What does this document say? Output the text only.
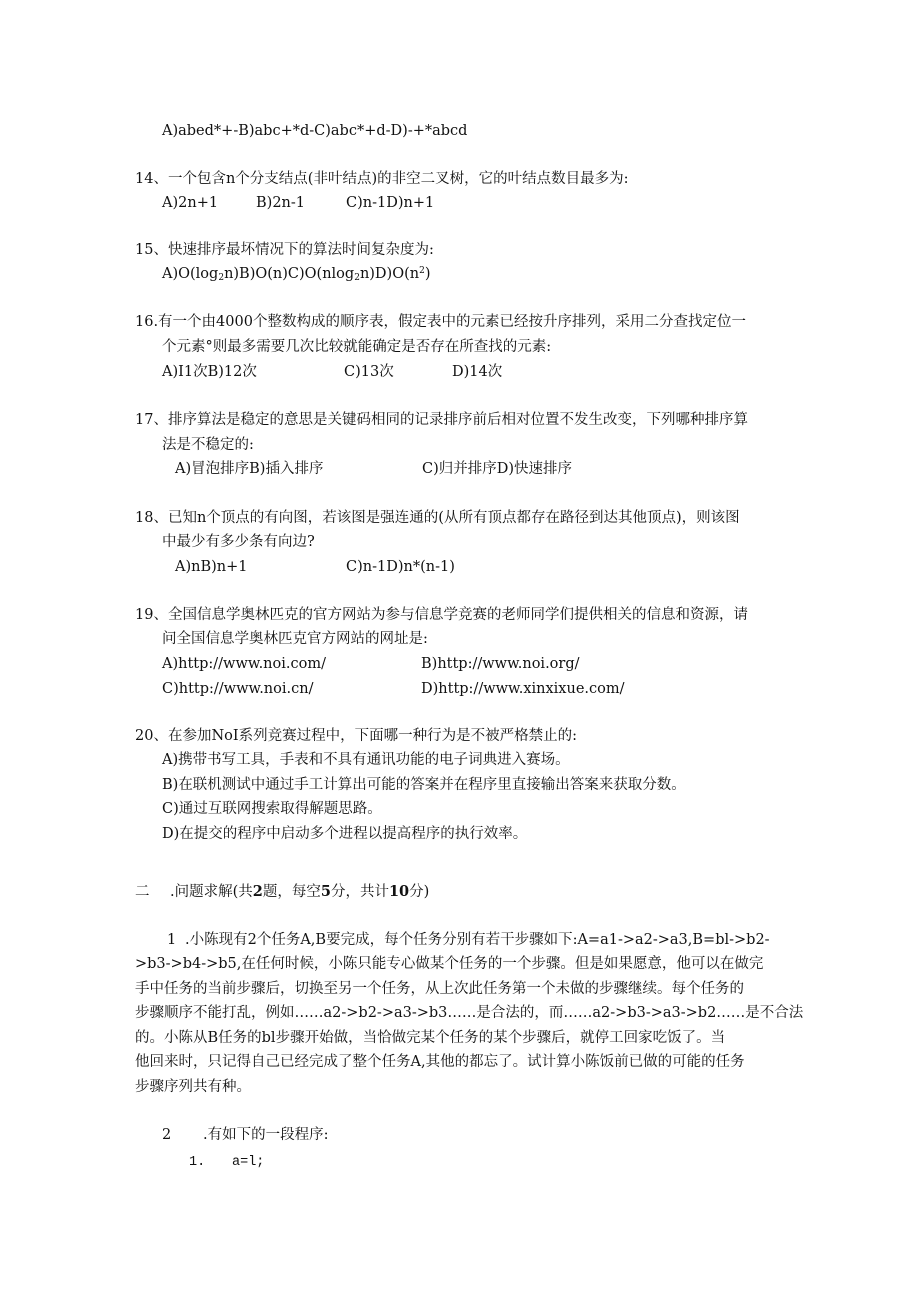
A)abed*+-B)abc+*d-C)abc*+d-D)-+*abcd
14、一个包含n个分支结点(非叶结点)的非空二叉树，它的叶结点数目最多为:
A)2n+1	B)2n-1	C)n-1D)n+1
15、快速排序最坏情况下的算法时间复杂度为:
$A)O(\log_2n)B)O(n)C)O(nlog_2n)D)O(n^2)$
16.有一个由4000个整数构成的顺序表，假定表中的元素已经按升序排列，采用二分查找定位一
个元素°则最多需要几次比较就能确定是否存在所查找的元素:
A)I1次B)12次	C)13次	D)14次
17、排序算法是稳定的意思是关键码相同的记录排序前后相对位置不发生改变，下列哪种排序算
法是不稳定的:
A)冒泡排序B)插入排序	C)归并排序D)快速排序
18、已知n个顶点的有向图，若该图是强连通的(从所有顶点都存在路径到达其他顶点)，则该图
中最少有多少条有向边?
A)nB)n+1	C)n-1D)n*(n-1)
19、全国信息学奥林匹克的官方网站为参与信息学竞赛的老师同学们提供相关的信息和资源，请
问全国信息学奥林匹克官方网站的网址是:
A)http://www.noi.com/	B)http://www.noi.org/
C)http://www.noi.cn/	D)http://www.xinxixue.com/
20、在参加NoI系列竞赛过程中，下面哪一种行为是不被严格禁止的:
A)携带书写工具，手表和不具有通讯功能的电子词典进入赛场。
B)在联机测试中通过手工计算出可能的答案并在程序里直接输出答案来获取分数。
C)通过互联网搜索取得解题思路。
D)在提交的程序中启动多个进程以提高程序的执行效率。
二 .问题求解(共2题，每空5分，共计10分)
1 .小陈现有2个任务A,B要完成，每个任务分别有若干步骤如下:A=a1->a2->a3,B=bl->b2-
>b3->b4->b5,在任何时候，小陈只能专心做某个任务的一个步骤。但是如果愿意，他可以在做完
手中任务的当前步骤后，切换至另一个任务，从上次此任务第一个未做的步骤继续。每个任务的
步骤顺序不能打乱，例如……a2->b2->a3->b3……是合法的，而……a2->b3->a3->b2……是不合法
的。小陈从B任务的bl步骤开始做，当恰做完某个任务的某个步骤后，就停工回家吃饭了。当
他回来时，只记得自己已经完成了整个任务A,其他的都忘了。试计算小陈饭前已做的可能的任务
步骤序列共有种。
2 .有如下的一段程序:
1. a=l;
